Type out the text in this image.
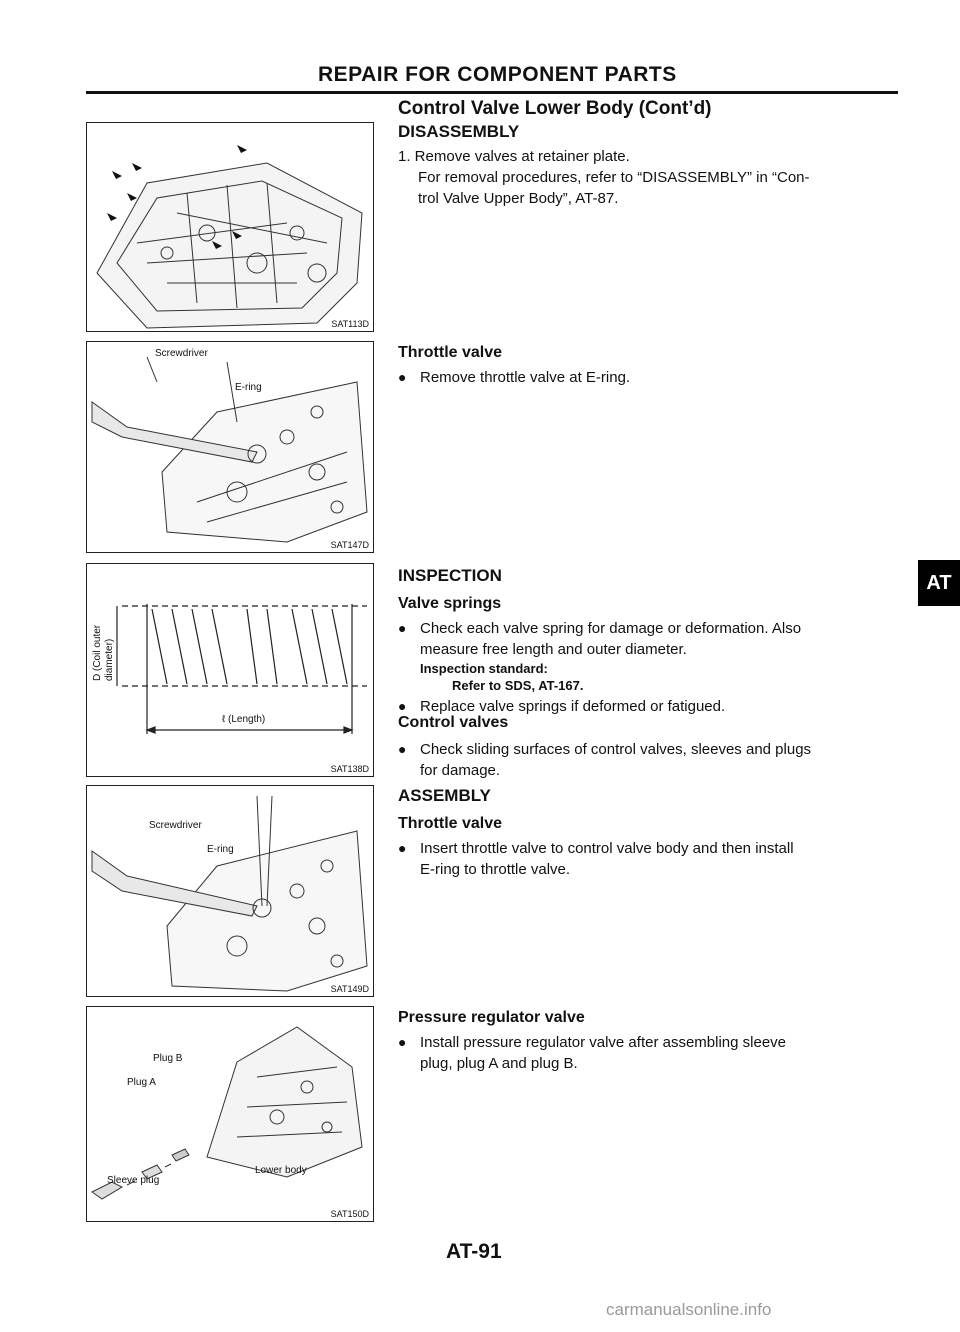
REPAIR FOR COMPONENT PARTS
Control Valve Lower Body (Cont’d)
SAT113D
Screwdriver
E-ring
SAT147D
D (Coil outer diameter)
ℓ (Length)
SAT138D
Screwdriver
E-ring
SAT149D
Plug B
Plug A
Sleeve plug
Lower body
SAT150D
DISASSEMBLY
1. Remove valves at retainer plate.
For removal procedures, refer to “DISASSEMBLY” in “Con-
trol Valve Upper Body”, AT-87.
Throttle valve
● Remove throttle valve at E-ring.
INSPECTION
Valve springs
● Check each valve spring for damage or deformation. Also
measure free length and outer diameter.
Inspection standard:
Refer to SDS, AT-167.
● Replace valve springs if deformed or fatigued.
Control valves
● Check sliding surfaces of control valves, sleeves and plugs
for damage.
ASSEMBLY
Throttle valve
● Insert throttle valve to control valve body and then install
E-ring to throttle valve.
Pressure regulator valve
● Install pressure regulator valve after assembling sleeve
plug, plug A and plug B.
AT
AT-91
carmanualsonline.info
